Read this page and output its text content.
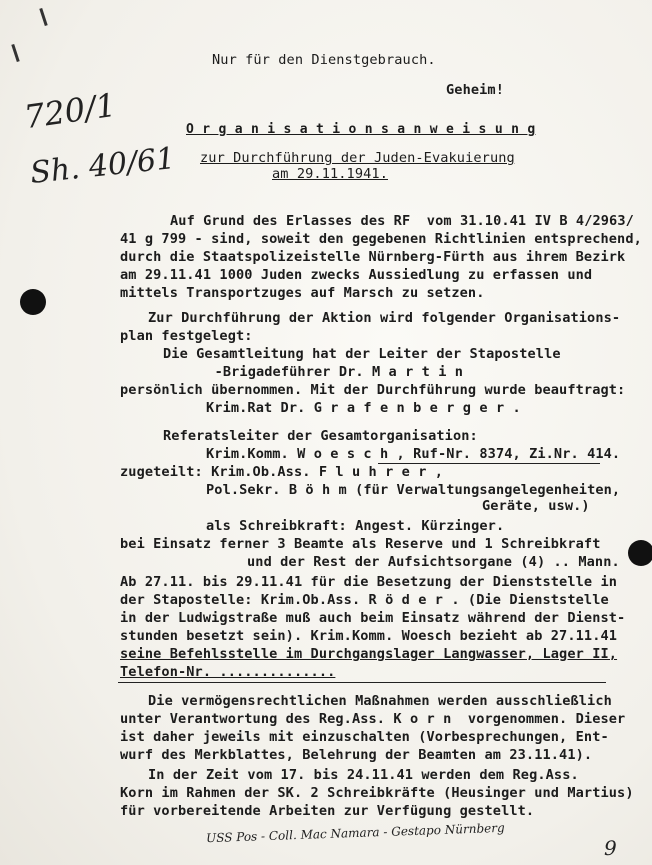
Nur für den Dienstgebrauch.
Geheim!
720/1
Sh. 40/61
O r g a n i s a t i o n s a n w e i s u n g
zur Durchführung der Juden-Evakuierung
am 29.11.1941.
Auf Grund des Erlasses des RF  vom 31.10.41 IV B 4/2963/
41 g 799 - sind, soweit den gegebenen Richtlinien entsprechend,
durch die Staatspolizeistelle Nürnberg-Fürth aus ihrem Bezirk
am 29.11.41 1000 Juden zwecks Aussiedlung zu erfassen und
mittels Transportzuges auf Marsch zu setzen.
Zur Durchführung der Aktion wird folgender Organisations-
plan festgelegt:
Die Gesamtleitung hat der Leiter der Stapostelle
-Brigadeführer Dr. M a r t i n
persönlich übernommen. Mit der Durchführung wurde beauftragt:
Krim.Rat Dr. G r a f e n b e r g e r .
Referatsleiter der Gesamtorganisation:
Krim.Komm. W o e s c h , Ruf-Nr. 8374, Zi.Nr. 414.
zugeteilt: Krim.Ob.Ass. F l u h r e r ,
Pol.Sekr. B ö h m (für Verwaltungsangelegenheiten,
Geräte, usw.)
als Schreibkraft: Angest. Kürzinger.
bei Einsatz ferner 3 Beamte als Reserve und 1 Schreibkraft
und der Rest der Aufsichtsorgane (4) .. Mann.
Ab 27.11. bis 29.11.41 für die Besetzung der Dienststelle in
der Stapostelle: Krim.Ob.Ass. R ö d e r . (Die Dienststelle
in der Ludwigstraße muß auch beim Einsatz während der Dienst-
stunden besetzt sein). Krim.Komm. Woesch bezieht ab 27.11.41
seine Befehlsstelle im Durchgangslager Langwasser, Lager II,
Telefon-Nr. ..............
Die vermögensrechtlichen Maßnahmen werden ausschließlich
unter Verantwortung des Reg.Ass. K o r n  vorgenommen. Dieser
ist daher jeweils mit einzuschalten (Vorbesprechungen, Ent-
wurf des Merkblattes, Belehrung der Beamten am 23.11.41).
In der Zeit vom 17. bis 24.11.41 werden dem Reg.Ass.
Korn im Rahmen der SK. 2 Schreibkräfte (Heusinger und Martius)
für vorbereitende Arbeiten zur Verfügung gestellt.
USS Pos - Coll. Mac Namara - Gestapo Nürnberg
9
